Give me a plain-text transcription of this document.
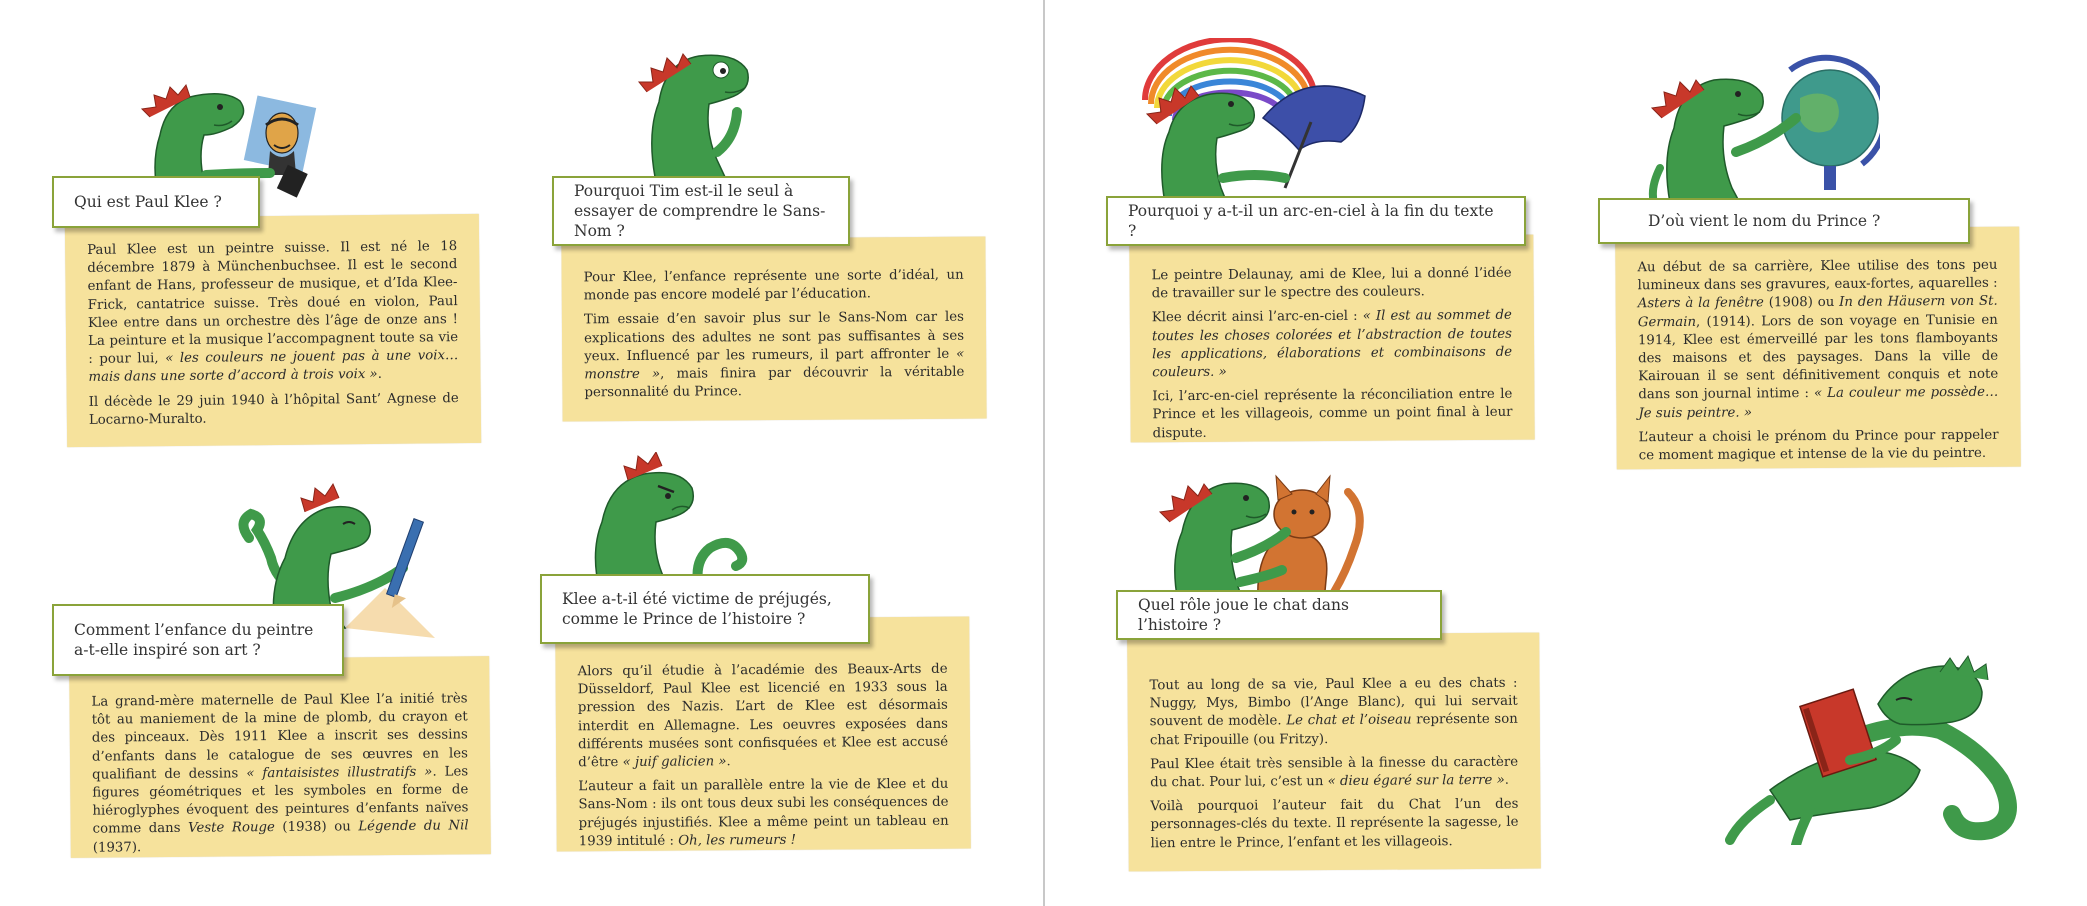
Qui est Paul Klee ?
Pourquoi Tim est-il le seul à essayer de comprendre le Sans-Nom ?
Comment l’enfance du peintre a-t-elle inspiré son art ?
Klee a-t-il été victime de préjugés, comme le Prince de l’histoire ?
Pourquoi y a-t-il un arc-en-ciel à la fin du texte ?
D’où vient le nom du Prince ?
Quel rôle joue le chat dans l’histoire ?

Paul Klee est un peintre suisse. Il est né le 18 décembre 1879 à Münchenbuchsee. Il est le second enfant de Hans, professeur de musique, et d’Ida Klee-Frick, cantatrice suisse. Très doué en violon, Paul Klee entre dans un orchestre dès l’âge de onze ans ! La peinture et la musique l’accompagnent toute sa vie : pour lui, « les couleurs ne jouent pas à une voix… mais dans une sorte d’accord à trois voix ».

Il décède le 29 juin 1940 à l’hôpital Sant’ Agnese de Locarno-Muralto.

Pour Klee, l’enfance représente une sorte d’idéal, un monde pas encore modelé par l’éducation.

Tim essaie d’en savoir plus sur le Sans-Nom car les explications des adultes ne sont pas suffisantes à ses yeux. Influencé par les rumeurs, il part affronter le « monstre », mais finira par découvrir la véritable personnalité du Prince.

La grand-mère maternelle de Paul Klee l’a initié très tôt au maniement de la mine de plomb, du crayon et des pinceaux. Dès 1911 Klee a inscrit ses dessins d’enfants dans le catalogue de ses œuvres en les qualifiant de dessins « fantaisistes illustratifs ». Les figures géométriques et les symboles en forme de hiéroglyphes évoquent des peintures d’enfants naïves comme dans Veste Rouge (1938) ou Légende du Nil (1937).

Alors qu’il étudie à l’académie des Beaux-Arts de Düsseldorf, Paul Klee est licencié en 1933 sous la pression des Nazis. L’art de Klee est désormais interdit en Allemagne. Les oeuvres exposées dans différents musées sont confisquées et Klee est accusé d’être « juif galicien ».

L’auteur a fait un parallèle entre la vie de Klee et du Sans-Nom : ils ont tous deux subi les conséquences de préjugés injustifiés. Klee a même peint un tableau en 1939 intitulé : Oh, les rumeurs !

Le peintre Delaunay, ami de Klee, lui a donné l’idée de travailler sur le spectre des couleurs.

Klee décrit ainsi l’arc-en-ciel : « Il est au sommet de toutes les choses colorées et l’abstraction de toutes les applications, élaborations et combinaisons de couleurs. »

Ici, l’arc-en-ciel représente la réconciliation entre le Prince et les villageois, comme un point final à leur dispute.

Au début de sa carrière, Klee utilise des tons peu lumineux dans ses gravures, eaux-fortes, aquarelles : Asters à la fenêtre (1908) ou In den Häusern von St. Germain, (1914). Lors de son voyage en Tunisie en 1914, Klee est émerveillé par les tons flamboyants des maisons et des paysages. Dans la ville de Kairouan il se sent définitivement conquis et note dans son journal intime : « La couleur me possède… Je suis peintre. »

L’auteur a choisi le prénom du Prince pour rappeler ce moment magique et intense de la vie du peintre.

Tout au long de sa vie, Paul Klee a eu des chats : Nuggy, Mys, Bimbo (l’Ange Blanc), qui lui servait souvent de modèle. Le chat et l’oiseau représente son chat Fripouille (ou Fritzy).

Paul Klee était très sensible à la finesse du caractère du chat. Pour lui, c’est un « dieu égaré sur la terre ».

Voilà pourquoi l’auteur fait du Chat l’un des personnages-clés du texte. Il représente la sagesse, le lien entre le Prince, l’enfant et les villageois.
